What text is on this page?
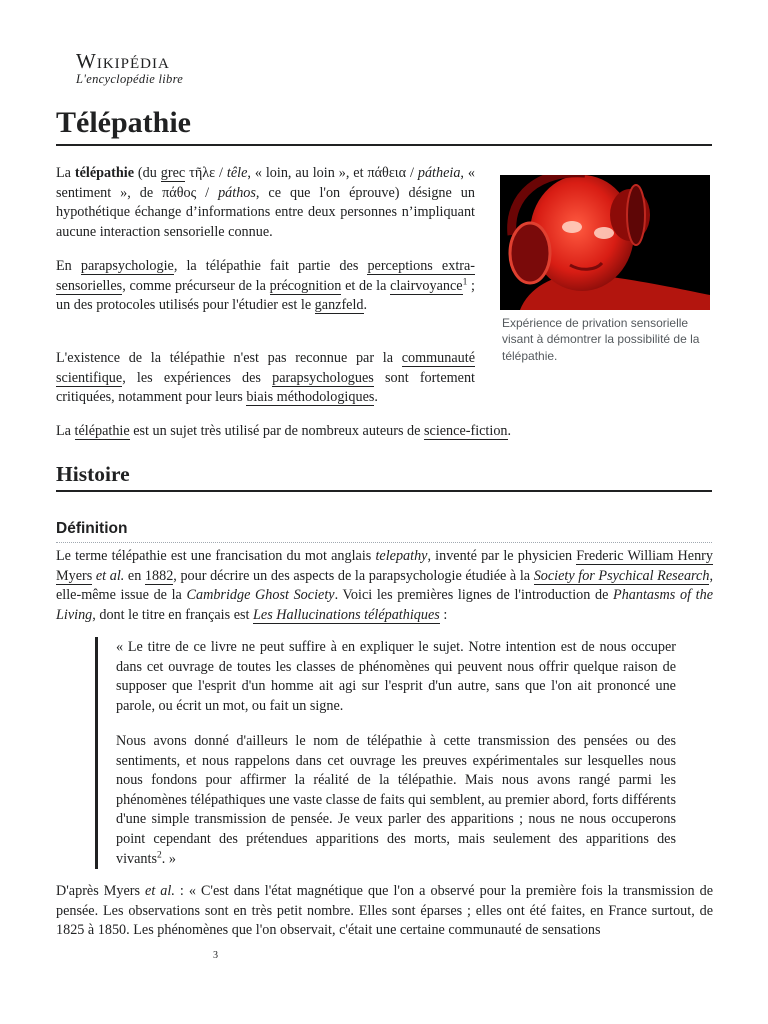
Wikipédia
L'encyclopédie libre
Télépathie

La télépathie (du grec τῆλε / têle, « loin, au loin », et πάθεια / pátheia, « sentiment », de πάθος / páthos, ce que l'on éprouve) désigne un hypothétique échange d’informations entre deux personnes n’impliquant aucune interaction sensorielle connue.

En parapsychologie, la télépathie fait partie des perceptions extra-sensorielles, comme précurseur de la précognition et de la clairvoyance$^1$ ; un des protocoles utilisés pour l'étudier est le ganzfeld.

L'existence de la télépathie n'est pas reconnue par la communauté scientifique, les expériences des parapsychologues sont fortement critiquées, notamment pour leurs biais méthodologiques.

La télépathie est un sujet très utilisé par de nombreux auteurs de science-fiction.

Expérience de privation sensorielle visant à démontrer la possibilité de la télépathie.

Histoire
Définition

Le terme télépathie est une francisation du mot anglais telepathy, inventé par le physicien Frederic William Henry Myers et al. en 1882, pour décrire un des aspects de la parapsychologie étudiée à la Society for Psychical Research, elle-même issue de la Cambridge Ghost Society. Voici les premières lignes de l'introduction de Phantasms of the Living, dont le titre en français est Les Hallucinations télépathiques :

« Le titre de ce livre ne peut suffire à en expliquer le sujet. Notre intention est de nous occuper dans cet ouvrage de toutes les classes de phénomènes qui peuvent nous offrir quelque raison de supposer que l'esprit d'un homme ait agi sur l'esprit d'un autre, sans que l'on ait prononcé une parole, ou écrit un mot, ou fait un signe.

Nous avons donné d'ailleurs le nom de télépathie à cette transmission des pensées ou des sentiments, et nous rappelons dans cet ouvrage les preuves expérimentales sur lesquelles nous nous fondons pour affirmer la réalité de la télépathie. Mais nous avons rangé parmi les phénomènes télépathiques une vaste classe de faits qui semblent, au premier abord, forts différents d'une simple transmission de pensée. Je veux parler des apparitions ; nous ne nous occuperons point cependant des prétendues apparitions des morts, mais seulement des apparitions des vivants$^2$. »

D'après Myers et al. : « C'est dans l'état magnétique que l'on a observé pour la première fois la transmission de pensée. Les observations sont en très petit nombre. Elles sont éparses ; elles ont été faites, en France surtout, de 1825 à 1850. Les phénomènes que l'on observait, c'était une certaine communauté de sensations

3
